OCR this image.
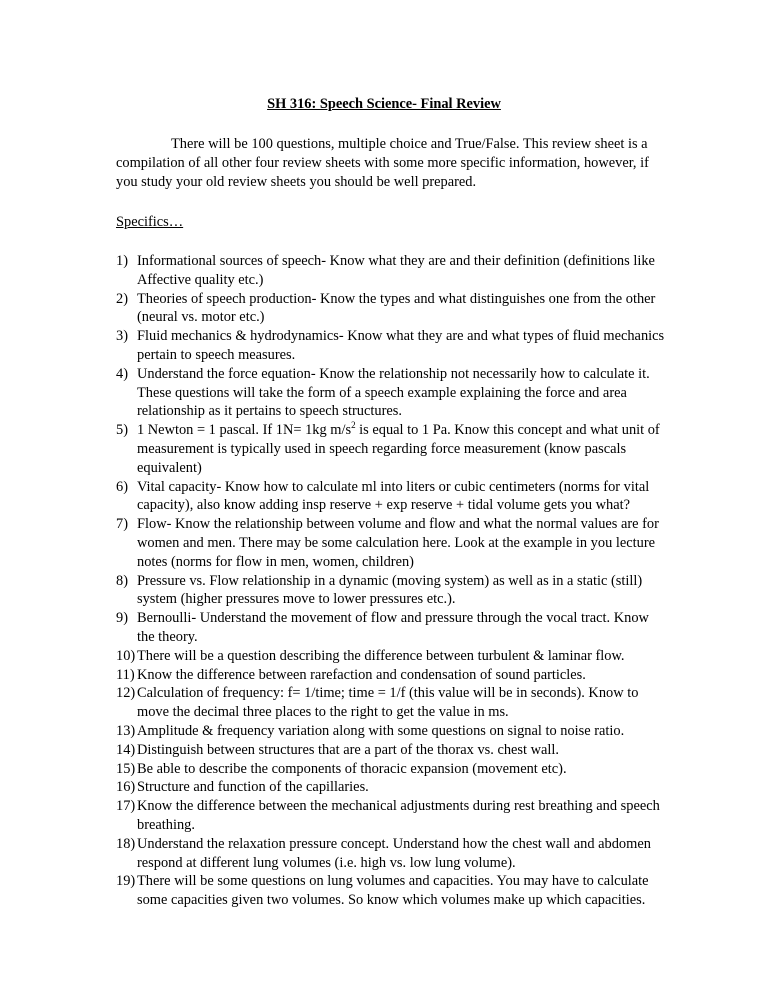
SH 316: Speech Science- Final Review
There will be 100 questions, multiple choice and True/False. This review sheet is a compilation of all other four review sheets with some more specific information, however, if you study your old review sheets you should be well prepared.
Specifics…
1) Informational sources of speech- Know what they are and their definition (definitions like Affective quality etc.)
2) Theories of speech production- Know the types and what distinguishes one from the other (neural vs. motor etc.)
3) Fluid mechanics & hydrodynamics- Know what they are and what types of fluid mechanics pertain to speech measures.
4) Understand the force equation- Know the relationship not necessarily how to calculate it. These questions will take the form of a speech example explaining the force and area relationship as it pertains to speech structures.
5) 1 Newton = 1 pascal. If 1N= 1kg $m/s^2$ is equal to 1 Pa. Know this concept and what unit of measurement is typically used in speech regarding force measurement (know pascals equivalent)
6) Vital capacity- Know how to calculate ml into liters or cubic centimeters (norms for vital capacity), also know adding insp reserve + exp reserve + tidal volume gets you what?
7) Flow- Know the relationship between volume and flow and what the normal values are for women and men. There may be some calculation here. Look at the example in you lecture notes (norms for flow in men, women, children)
8) Pressure vs. Flow relationship in a dynamic (moving system) as well as in a static (still) system (higher pressures move to lower pressures etc.).
9) Bernoulli- Understand the movement of flow and pressure through the vocal tract. Know the theory.
10) There will be a question describing the difference between turbulent & laminar flow.
11) Know the difference between rarefaction and condensation of sound particles.
12) Calculation of frequency: f= 1/time; time = 1/f (this value will be in seconds). Know to move the decimal three places to the right to get the value in ms.
13) Amplitude & frequency variation along with some questions on signal to noise ratio.
14) Distinguish between structures that are a part of the thorax vs. chest wall.
15) Be able to describe the components of thoracic expansion (movement etc).
16) Structure and function of the capillaries.
17) Know the difference between the mechanical adjustments during rest breathing and speech breathing.
18) Understand the relaxation pressure concept. Understand how the chest wall and abdomen respond at different lung volumes (i.e. high vs. low lung volume).
19) There will be some questions on lung volumes and capacities. You may have to calculate some capacities given two volumes. So know which volumes make up which capacities.
